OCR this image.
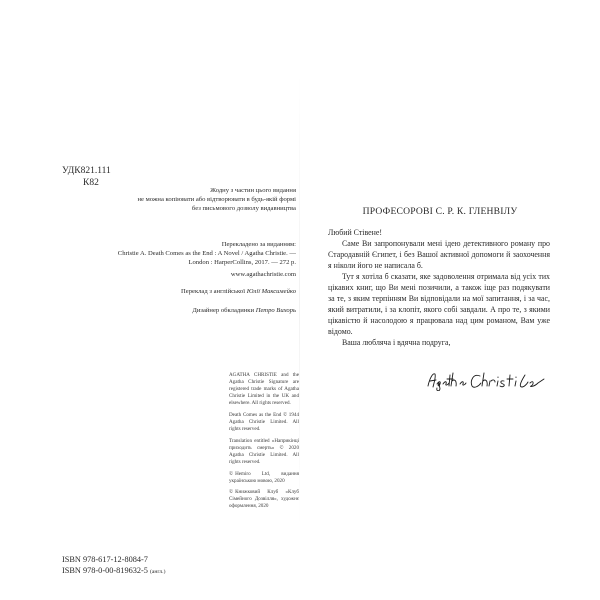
УДК821.111
К82
Жодну з частин цього видання
не можна копіювати або відтворювати в будь-якій формі
без письмового дозволу видавництва
Перекладено за виданням:
Christie A. Death Comes as the End : A Novel / Agatha Christie. —
London : HarperCollins, 2017. — 272 p.
www.agathachristie.com
Переклад з англійської Юлії Максимейко
Дизайнер обкладинки Петро Вихорь

AGATHA CHRISTIE and the Agatha Christie Signature are registered trade marks of Agatha Christie Limited in the UK and elsewhere. All rights reserved.

Death Comes as the End © 1944 Agatha Christie Limited. All rights reserved.

Translation entitled «Наприкінці приходить смерть» © 2020 Agatha Christie Limited. All rights reserved.

© Hemiro Ltd, видання українською мовою, 2020

© Книжковий Клуб «Клуб Сімейного Дозвілля», художнє оформлення, 2020

ISBN 978-617-12-8084-7
ISBN 978-0-00-819632-5 (англ.)
ПРОФЕСОРОВІ С. Р. К. ГЛЕНВІЛУ

Любий Стівене!

Саме Ви запропонували мені ідею детективного роману про Стародавній Єгипет, і без Вашої активної допомоги й заохочення я ніколи його не написала б.

Тут я хотіла б сказати, яке задоволення отримала від усіх тих цікавих книг, що Ви мені позичили, а також іще раз подякувати за те, з яким терпінням Ви відповідали на мої запитання, і за час, який витратили, і за клопіт, якого собі завдали. А про те, з якими цікавістю й насолодою я працювала над цим романом, Вам уже відомо.

Ваша любляча і вдячна подруга,
